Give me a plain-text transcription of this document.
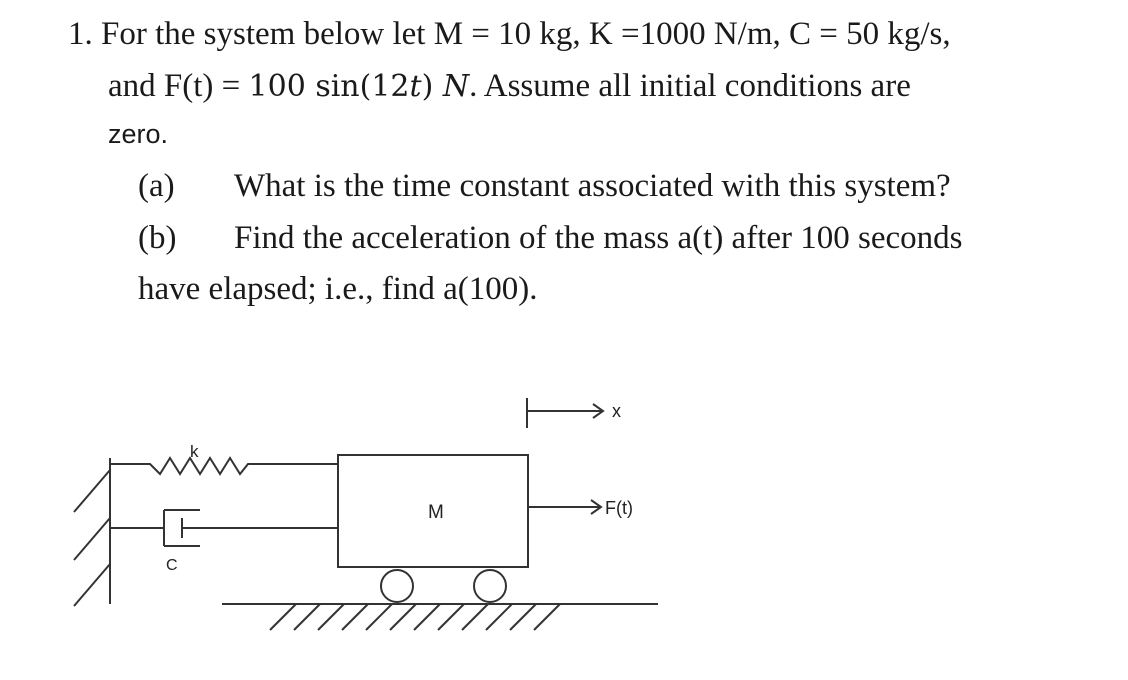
1. For the system below let M = 10 kg, K =1000 N/m, C = 50 kg/s,
and F(t) = 100 sin(12t) N. Assume all initial conditions are
zero.
(a) What is the time constant associated with this system?
(b) Find the acceleration of the mass a(t) after 100 seconds
have elapsed; i.e., find a(100).
k
C
M
x
F(t)
